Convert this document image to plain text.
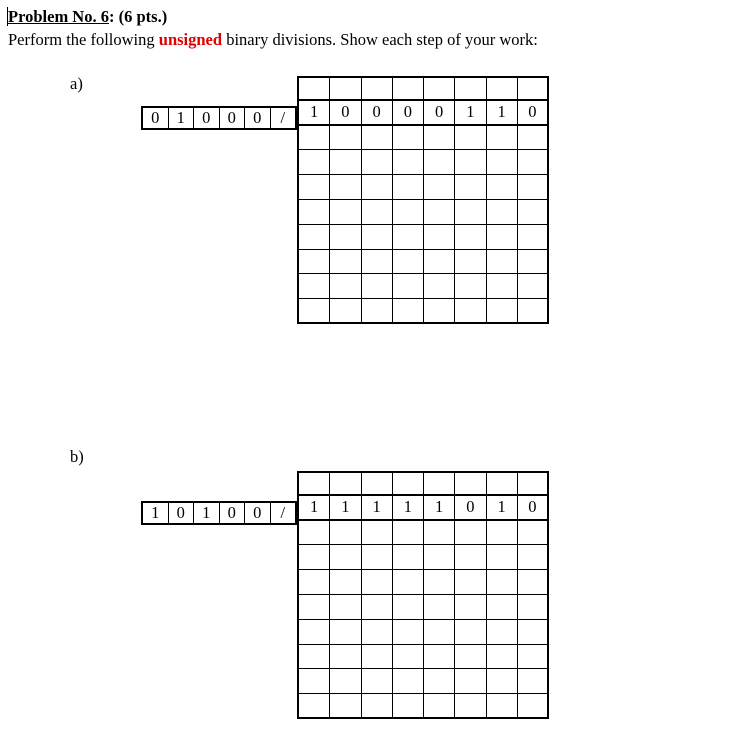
Problem No. 6: (6 pts.)
Perform the following unsigned binary divisions. Show each step of your work:
a)
0	1	0	0	0	/	1	0	0	0	0	1	1	0
b)
1	0	1	0	0	/	1	1	1	1	1	0	1	0
